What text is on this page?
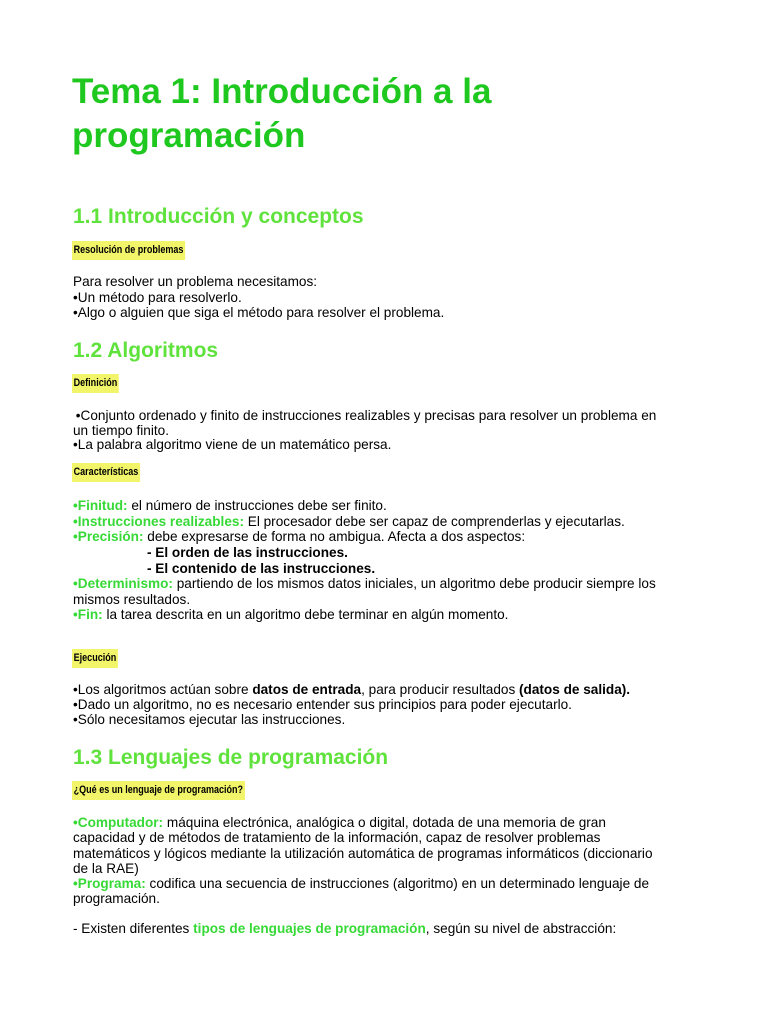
Tema 1: Introducción a la programación
1.1 Introducción y conceptos
Resolución de problemas

Para resolver un problema necesitamos:

•Un método para resolverlo.

•Algo o alguien que siga el método para resolver el problema.

1.2 Algoritmos
Definición

•Conjunto ordenado y finito de instrucciones realizables y precisas para resolver un problema en

un tiempo finito.

•La palabra algoritmo viene de un matemático persa.

Características

•Finitud: el número de instrucciones debe ser finito.

•Instrucciones realizables: El procesador debe ser capaz de comprenderlas y ejecutarlas.

•Precisión: debe expresarse de forma no ambigua. Afecta a dos aspectos:

- El orden de las instrucciones.

- El contenido de las instrucciones.

•Determinismo: partiendo de los mismos datos iniciales, un algoritmo debe producir siempre los

mismos resultados.

•Fin: la tarea descrita en un algoritmo debe terminar en algún momento.

Ejecución

•Los algoritmos actúan sobre datos de entrada, para producir resultados (datos de salida).

•Dado un algoritmo, no es necesario entender sus principios para poder ejecutarlo.

•Sólo necesitamos ejecutar las instrucciones.

1.3 Lenguajes de programación
¿Qué es un lenguaje de programación?

•Computador: máquina electrónica, analógica o digital, dotada de una memoria de gran

capacidad y de métodos de tratamiento de la información, capaz de resolver problemas

matemáticos y lógicos mediante la utilización automática de programas informáticos (diccionario

de la RAE)

•Programa: codifica una secuencia de instrucciones (algoritmo) en un determinado lenguaje de

programación.

- Existen diferentes tipos de lenguajes de programación, según su nivel de abstracción:
